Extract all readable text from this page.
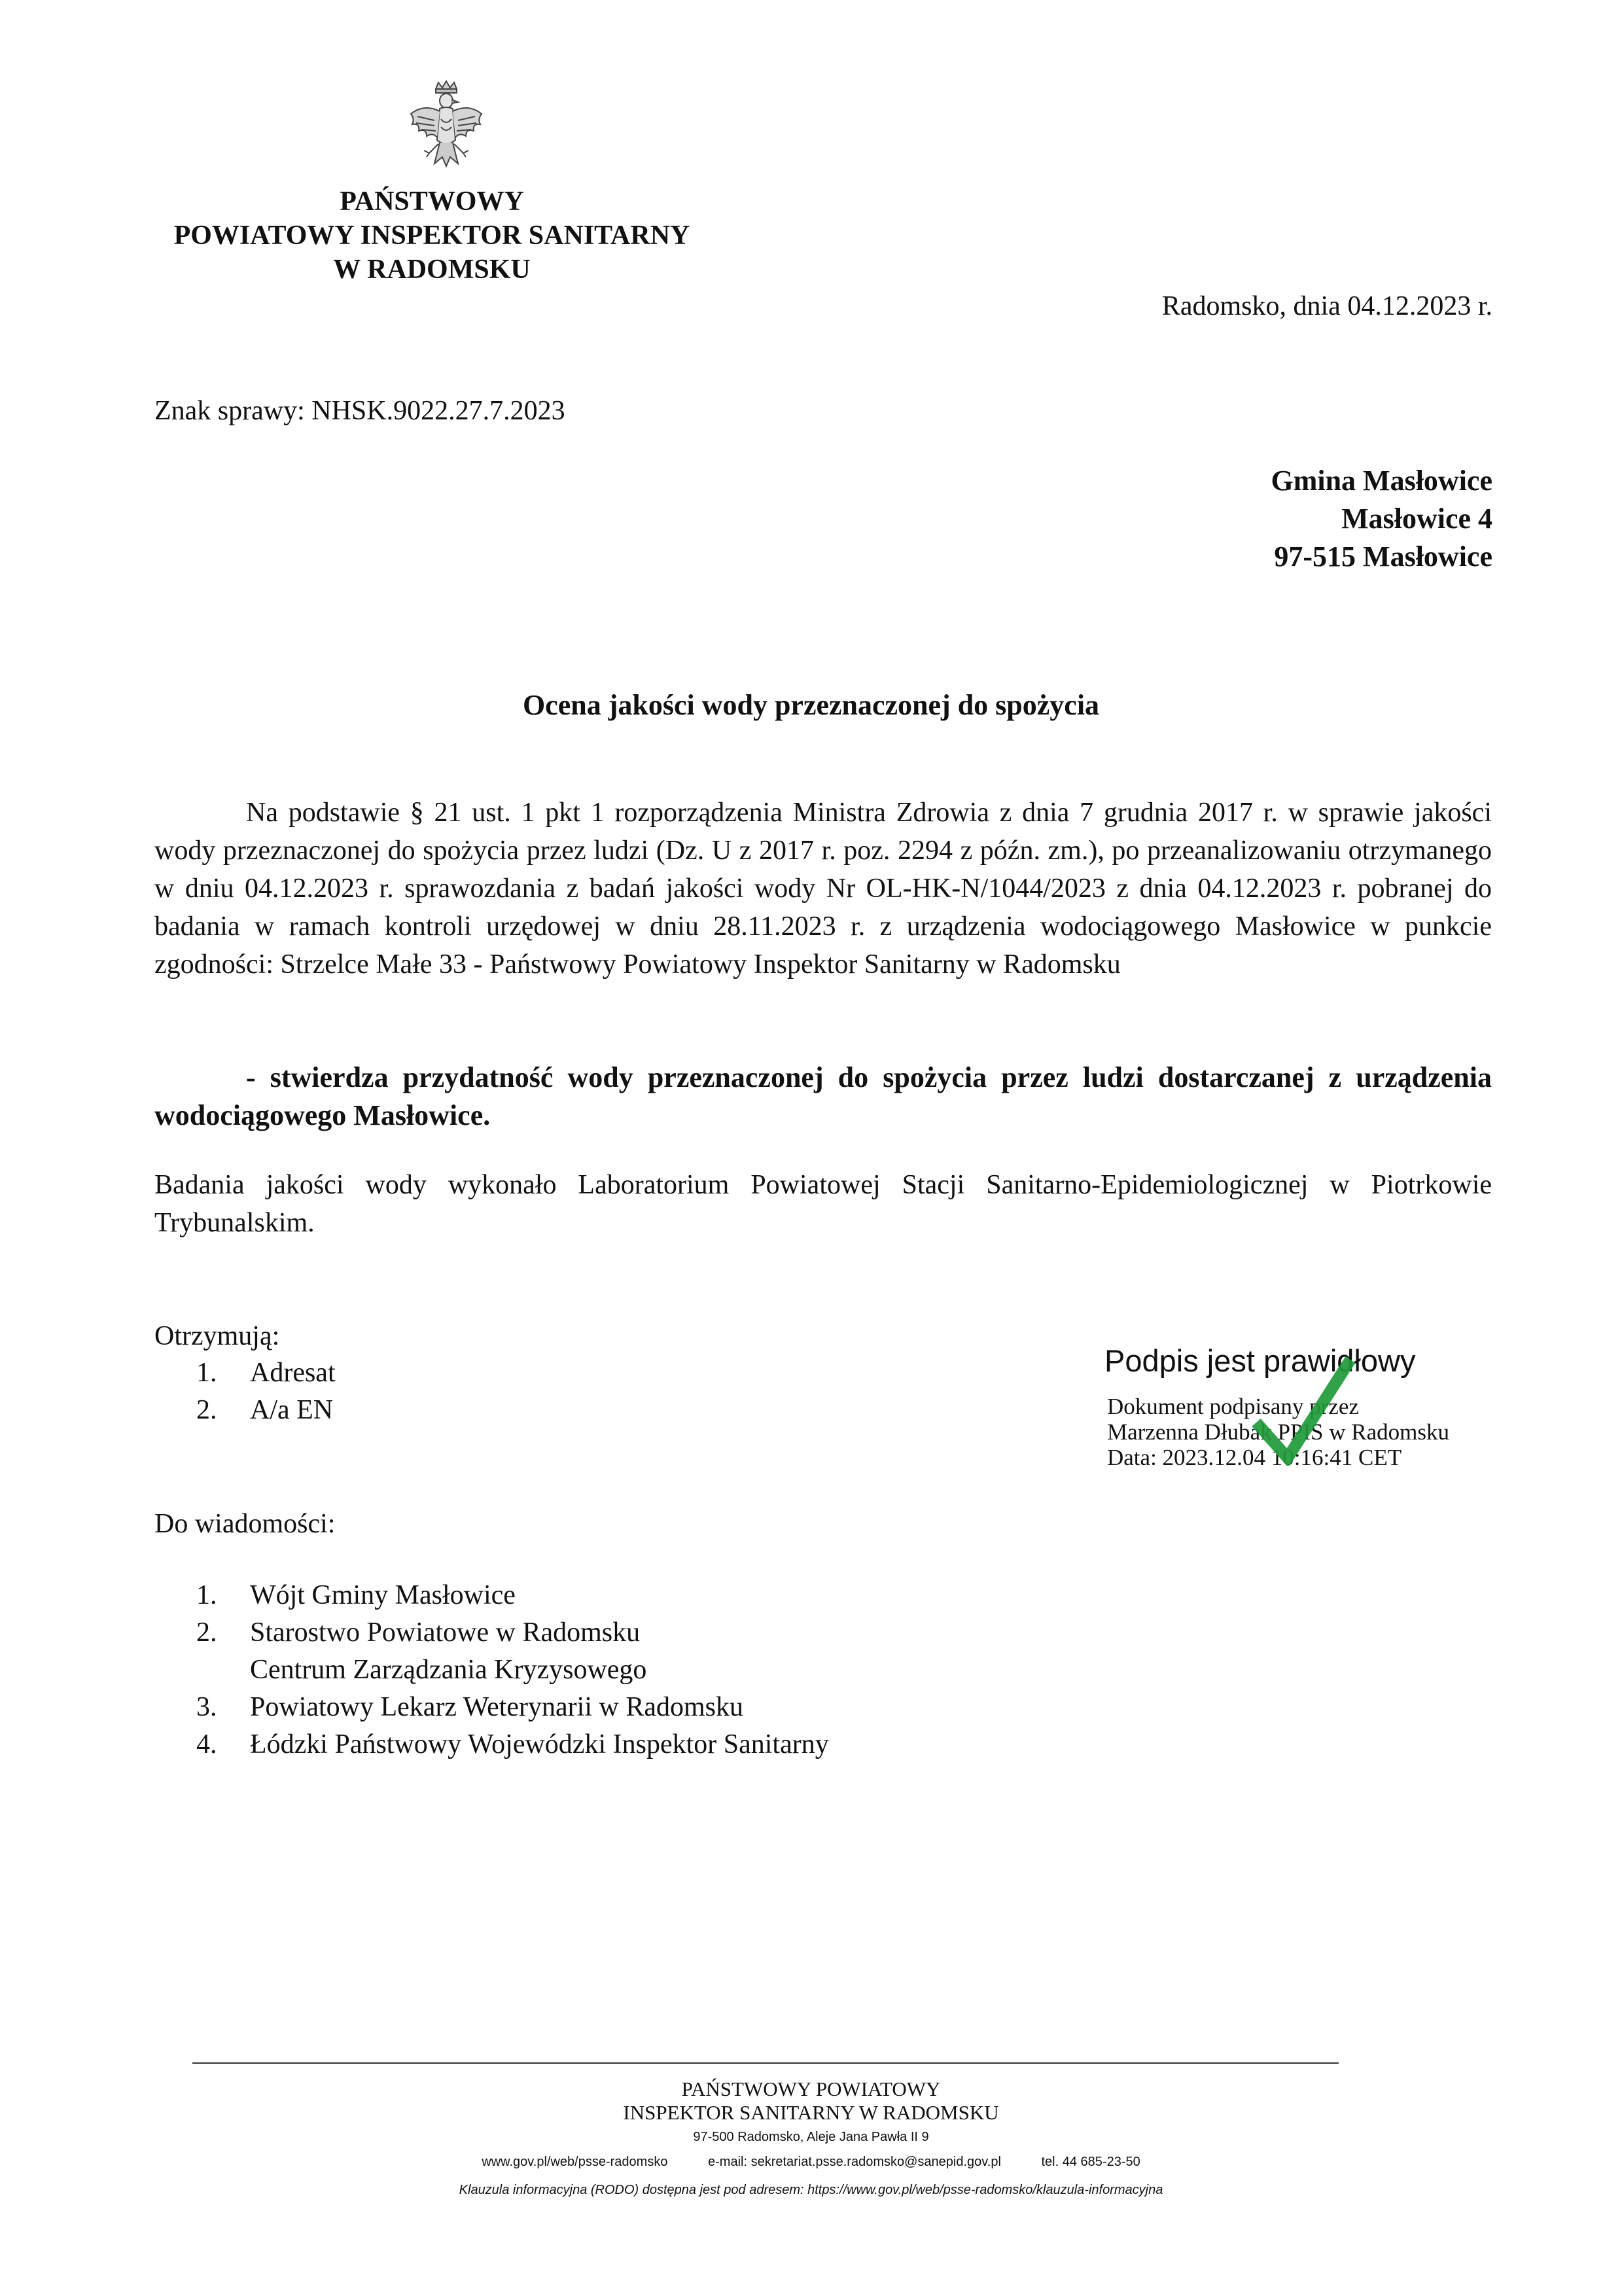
PAŃSTWOWY
POWIATOWY INSPEKTOR SANITARNY
W RADOMSKU
Radomsko, dnia 04.12.2023 r.
Znak sprawy: NHSK.9022.27.7.2023
Gmina Masłowice
Masłowice 4
97-515 Masłowice
Ocena jakości wody przeznaczonej do spożycia
Na podstawie § 21 ust. 1 pkt 1 rozporządzenia Ministra Zdrowia z dnia 7 grudnia 2017 r. w sprawie jakości wody przeznaczonej do spożycia przez ludzi (Dz. U z 2017 r. poz. 2294 z późn. zm.), po przeanalizowaniu otrzymanego w dniu 04.12.2023 r. sprawozdania z badań jakości wody Nr OL-HK-N/1044/2023 z dnia 04.12.2023 r. pobranej do badania w ramach kontroli urzędowej w dniu 28.11.2023 r. z urządzenia wodociągowego Masłowice w punkcie zgodności: Strzelce Małe 33 - Państwowy Powiatowy Inspektor Sanitarny w Radomsku
- stwierdza przydatność wody przeznaczonej do spożycia przez ludzi dostarczanej z urządzenia wodociągowego Masłowice.
Badania jakości wody wykonało Laboratorium Powiatowej Stacji Sanitarno-Epidemiologicznej w Piotrkowie Trybunalskim.
Otrzymują:
1.	Adresat
2.	A/a EN
Do wiadomości:
1.	Wójt Gminy Masłowice
2.	Starostwo Powiatowe w Radomsku
Centrum Zarządzania Kryzysowego
3.	Powiatowy Lekarz Weterynarii w Radomsku
4.	Łódzki Państwowy Wojewódzki Inspektor Sanitarny
Podpis jest prawidłowy
Dokument podpisany przez
Marzenna Dłubak PPIS w Radomsku
Data: 2023.12.04 10:16:41 CET
PAŃSTWOWY POWIATOWY
INSPEKTOR SANITARNY W RADOMSKU
97-500 Radomsko, Aleje Jana Pawła II 9
www.gov.pl/web/psse-radomsko	e-mail: sekretariat.psse.radomsko@sanepid.gov.pl	tel. 44 685-23-50
Klauzula informacyjna (RODO) dostępna jest pod adresem: https://www.gov.pl/web/psse-radomsko/klauzula-informacyjna
